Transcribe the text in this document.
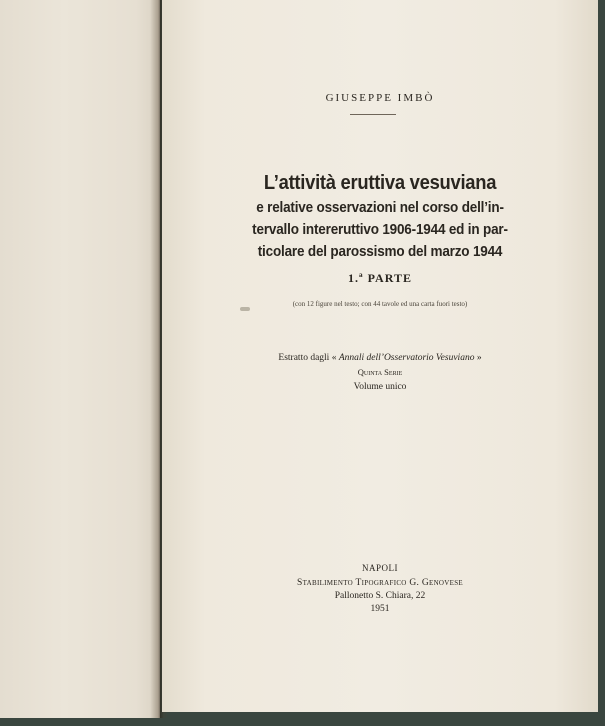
GIUSEPPE IMBÒ
L’attività eruttiva vesuviana
e relative osservazioni nel corso dell’in-
tervallo intereruttivo 1906-1944 ed in par-
ticolare del parossismo del marzo 1944
1.ª PARTE
(con 12 figure nel testo; con 44 tavole ed una carta fuori testo)
Estratto dagli « Annali dell’Osservatorio Vesuviano »
Quinta Serie
Volume unico
NAPOLI
Stabilimento Tipografico G. Genovese
Pallonetto S. Chiara, 22
1951
